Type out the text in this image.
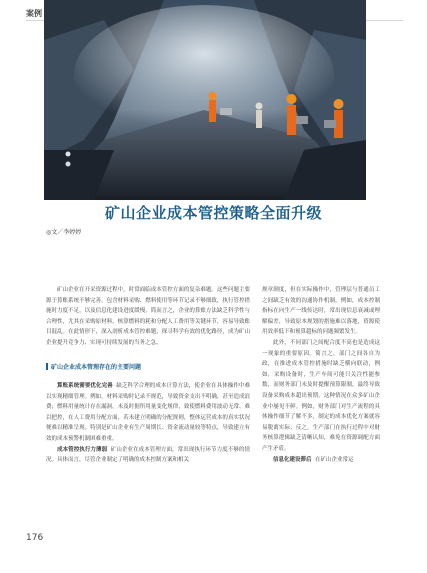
案例
矿山企业成本管控策略全面升级
◎文／李婷婷

矿山企业在开采资源过程中，时常面临成本管控方面的复杂难题。这些问题主要源于算账系统不够完善，包含材料采购、燃料使用等环节记录不够细致，执行管控措施时力度不足，以及信息化建设进度缓慢。简而言之，企业的算账方法缺乏科学性与合理性，尤其在采购原材料、核算燃料的耗和分配人工费用等关键环节，容易导致账目混乱。在此情形下，深入剖析成本管控难题，探寻科学有效的优化路径，成为矿山企业提升竞争力、实现可持续发展的当务之急。

矿山企业成本管理存在的主要问题

算账系统需要优化完善 缺乏科学合理的成本计算方法，使企业在具体操作中难以实现精细管理。例如，材料采购时记录不规范，导致资金支出不明确，甚至造成浪费；燃料用量统计存在漏洞，未及时据所用量变化规律，致使燃料费用波动无常、难以把控，在人工费用分配方面，若未建立明确的分配规则，整体运营成本的真实状况便难以精准呈现。特别是矿山企业有生产周期长、资金流动量较等特点，导致建立有效的成本预警机制困难重重。

成本管控执行力薄弱 矿山企业在成本管理方面，常出现执行环节力度不够的情况。具体而言，尽管企业制定了明确的成本控制方案和相关

规章制度，但在实际操作中，管理层与普通员工之间缺乏有效的沟通协作机制，例如，成本控制指标在向生产一线传达时，常出现信息衰减或理解偏差，导致原本规划的措施难以落地，资源使用效率低下和预算超标的问题频繁发生。

此外，不同部门之间配合度不高也是造成这一现象的重要原因。简言之，部门之间各自为政，在推进成本管控措施时缺乏横向联动，例如，采购设备时，生产车间可能只关注性能参数，而财务部门未及时提醒预算限制，最终导致设备采购成本超出预期。这种情况在众多矿山企业中屡见不鲜。例如，财务部门对生产流程的具体操作细节了解不多，制定的成本优化方案就容易脱离实际；反之，生产部门在执行过程中对财务核算逻辑缺乏清晰认知，难免在资源调配方面产生矛盾。

信息化建设滞后 在矿山企业常运

176
